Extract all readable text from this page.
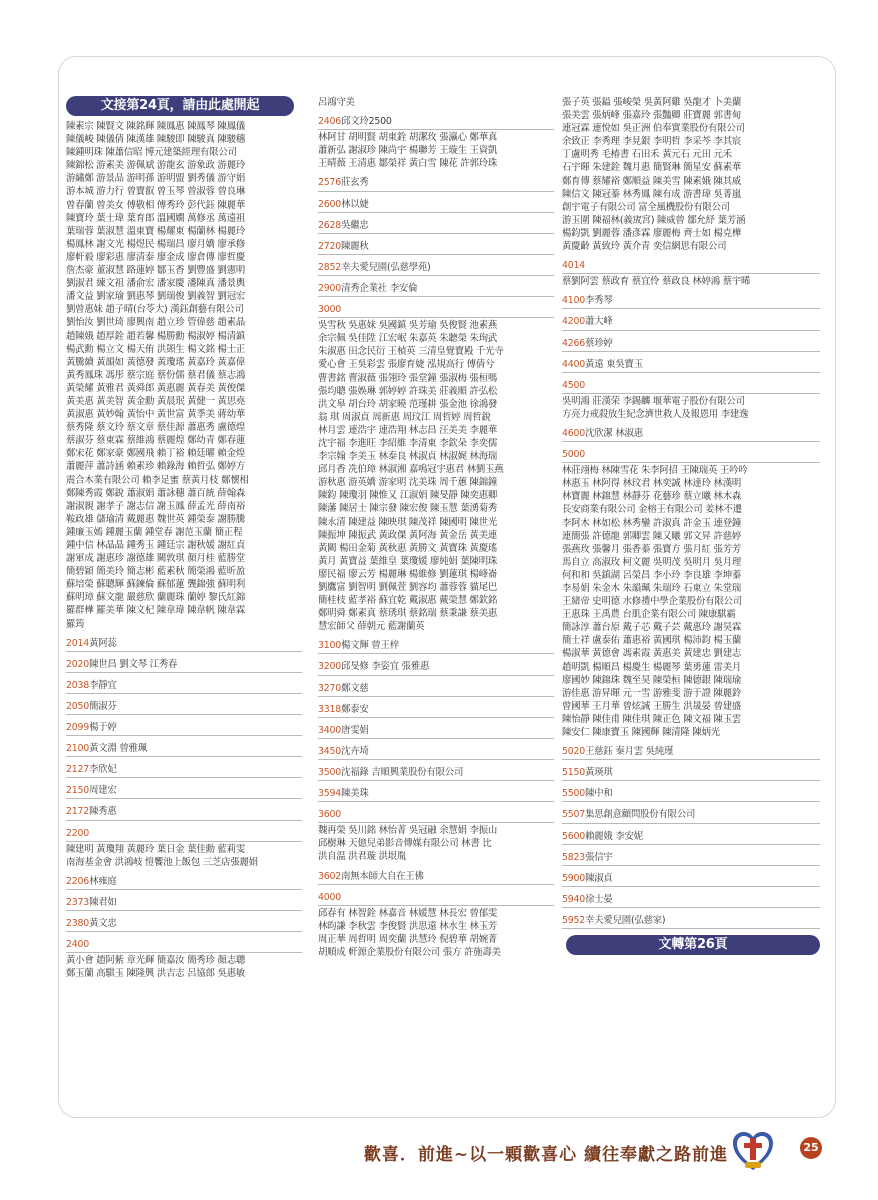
文接第24頁，請由此處開起
陳素宗 陳賢文 陳銘輝 陳鳳惠 陳鳳琴 陳鳳儀
陳儀峻 陳儀倩 陳漢雄 陳駿即 陳駿真 陳駿穗
陳鍾明珠 陳蕭信昭 博元建築經理有限公司
陳錦松 游素美 游佩斌 游龍玄 游象政 游麗玲
游繡鄭 游景品 游明孫 游明盟 劉秀儀 游守娟
游本城 游力行 曾寶叡 曾玉琴 曾淑蓉 曾良琳
曾春蘭 曾美女 傅敬相 傅秀玲 彭代鈺 陳麗華
陳寶玲 葉士瑋 葉育郎 溫國嫺 萬修丞 萬遠祖
葉瑞蓉 葉淑慧 溫東寶 楊耀東 楊蘭林 楊麗玲
楊鳳林 謝文光 楊煜民 楊瑞昌 廖月嬌 廖承修
廖軒毅 廖彩惠 廖清泰 廖金成 廖倉傳 廖哲慶
詹杰豪 董淑慧 路蓮婷 鄒玉香 劉豐盛 劉憲明
劉淑君 練文祖 潘俞宏 潘家慶 潘陳真 潘景輿
潘文益 劉家瑜 劉惠琴 劉瑞俊 劉義智 劉冠宏
劉曾惠妹 趙子晴(台苓大) 漢鈺創藝有限公司
劉怡汝 劉世琦 廖興南 趙立珍 管偉慈 趙素晶
趙陳娥 趙厚銓 趙若馨 楊勝勳 楊淑婷 楊清鎮
楊武勳 楊立文 楊天侑 洪顗生 楊文銘 楊士正
黃騰續 黃韻如 黃德發 黃瓊瑤 黃嘉玲 黃嘉偉
黃秀鳳珠 馮彤 蔡宗庭 蔡份儒 蔡君儀 蔡志鴻
黃榮耀 黃雅君 黃舜郎 黃惠麗 黃春美 黃俊傑
黃美惠 黃美智 黃金勳 黃晨珉 黃健一 黃思堯
黃淑惠 黃妙翰 黃怡中 黃世富 黃季美 蔣幼華
蔡秀隆 蔡文玲 蔡文章 蔡佳源 蕭惠秀 盧德煌
蔡淑芬 蔡東霖 蔡維鴻 蔡麗煌 鄭幼青 鄭春蓮
鄭宋花 鄭家豪 鄭國飛 賴丁裕 賴廷曜 賴金煌
蕭麗萍 蕭詩涵 賴素珍 賴錄海 賴哲弘 鄭婷方
震合木業有限公司 賴李足蜜 蔡黃月枝 鄭懷相
鄭陳秀霞 鄭銳 蕭淑娟 蕭詠穗 蕭百統 薛翰森
謝淑親 謝孝子 謝志信 謝玉鳳 薛孟光 薛南裕
鞍政雄 儲瑜清 戴麗惠 魏世英 鍾榮泰 謝勝騰
鍾廉玉嫣 鍾麗玉蘭 鍾堂春 謝范玉蘭 簡正程
鍾中信 林晶晶 鍾秀玉 鍾廷宗 謝秋媛 謝紅貞
謝軍成 謝惠珍 謝德雄 闕敦琪 顏月桂 藍勝堂
簡碧穎 簡美玲 簡志彬 藍素秋 簡榮鴻 藍昕盈
蘇培榮 蘇聰輝 蘇鍊倫 蘇郁蓮 龔錦強 蘇明利
蘇明璋 蘇文龍 嚴慈欣 蘭麗珠 蘭婷 黎氏紅錦
羅群樺 羅美華 陳文杞 陳韋瑋 陳韋帆 陳韋霖
羅筠
2014黃阿蕊
2020陳世昌 劉文琴 江秀春
2038李靜宜
2050簡淑芬
2099楊于婷
2100黃文淵 曾雅珮
2127李欣妃
2150周建宏
2172陳秀惠
2200
陳建明 黃瓊翔 黃麗玲 葉日金 葉佳勳 藍莉雯
南海基金會 洪鴻岐 愷饗池上飯包 三芝店張麗娟
2206林雍庭
2373陳君如
2380黃文忠
2400
黃小會 趙阿紫 章光輝 簡嘉汝 簡秀珍 顏志聰
鄭玉蘭 高騏玉 陳隆興 洪吉志 呂協郎 吳惠敏
呂鴻守美
2406邱文玲2500
林阿甘 胡明賢 胡東銓 胡潔玫 張瀛心 鄭華真
蕭新弘 謝淑珍 陳尚宇 楊聯芳 王璇生 王資凱
王晴薇 王清惠 鄒榮祥 黃白雪 陳花 許郭玲珠
2576莊玄秀
2600林以婕
2628吳繼忠
2720陳麗秋
2852幸夫愛兒園(弘慈學苑)
2900清秀企業社 李安倫
3000
吳雪秋 吳惠妹 吳國鎮 吳芳瑜 吳俊賢 池素燕
余宗佩 吳佳陞 江宏岷 朱嘉英 朱聽榮 朱珣武
朱淑惠 田念民衍 王楨英 三清皇覺寶殿 千光寺
愛心會 王吳彩雲 張廖育婕 泓規高行 傅倩兮
曹書銘 曹淑薇 張翎玲 張堂鐘 張淑梅 張桓嗎
張均聰 張娛琳 郭婷婷 許珠美 莊義順 許弘松
洪文皋 胡台玲 胡家曉 范瑾耕 張金池 徐鴻發
翁 琪 周淑貞 周新惠 周玟江 周哲婷 周哲銳
林月雲 連浩宇 連浩翔 林志昌 汪美美 李麗華
沈宇福 李進旺 李紹維 李清東 李欽朵 李奕儒
李宗翰 李美玉 林泰良 林淑貞 林淑娓 林海瑞
邱月香 冼伯璋 林淑湘 嘉鳴冠宇惠君 林劉玉燕
游秋惠 游英嬌 游家明 沈美珠 周千蕙 陳錦鐘
陳鈞 陳瓊羽 陳惟又 江淑娟 陳旻靜 陳奕惠卿
陳藩 陳居士 陳宗發 陳宏俊 陳玉慧 葉湧菊秀
陳永清 陳建益 陳映琪 陳茂祥 陳國明 陳世光
陳振坤 陳振武 黃政傑 黃阿海 黃金岳 黃美連
黃闕 楊田金菊 黃秋惠 黃勝文 黃寶珠 黃慶瑤
黃月 黃寶益 葉維皇 葉瓊媛 廖純娟 葉陳明珠
廖民福 廖云芳 楊麗琳 楊維修 劉蓮琪 楊峰崙
劉鷹富 劉智明 劉佩萱 劉容均 蕭蓉蓉 貓尾巴
簡桂枝 藍孝裕 蘇宜乾 戴淑惠 戴榮慧 鄭欽銘
鄭明舜 鄭素真 蔡琇琪 蔡銘瑞 蔡秉謙 蔡美惠
慧宏師父 薛朝元 藍謝蘭英
3100楊文輝 曾王梓
3200邱旻修 李姿宜 張雅惠
3270鄭文慈
3318鄭泰安
3400唐雯娟
3450沈卉埼
3500沈福錄 吉順興業股份有限公司
3594陳美珠
3600
魏再榮 吳川銘 林怡菁 吳冠融 余慧娟 李振山
邱樹琳 天億兒弟影音傳媒有限公司 林書 比
洪自温 洪君璇 洪垠胤
3602南無本師大自在王佛
4000
邱春有 林智銓 林嘉音 林媛慧 林長宏 曾郁雯
林昀謙 李秋雲 李俊賢 洪思遠 林水生 林玉芳
周正華 周哲明 周奕蘭 洪慧玲 倪碧華 胡婉菁
胡順成 軒源企業股份有限公司 張方 許施壽美
張子英 張鎰 張峻榮 吳黃阿雞 吳龍才 卜美蘭
張美雲 張炳峰 張嘉玲 張豔卿 莊寶麗 郭書甸
連冠霖 連悅如 吳正洲 伯奉實業股份有限公司
余致正 李秀理 李見銀 李明哲 李采芩 李其宸
丁盧明秀 毛椿書 石田禾 黃元石 元田 元禾
石宇暉 朱建銓 魏月惠 簡賢琳 簡星安 蘇素華
鄭育傳 蔡耀裕 鄭順益 陳美雪 陳素娥 陳其威
陳信文 陳冠蓁 林秀鳳 陳有成 游書瑋 吳菁嵐
創宇電子有限公司 富全風機股份有限公司
游玉圍 陳福林(義宬宮) 陳威曾 鄒允紓 葉芳涵
楊鈞凱 劉麗蓉 潘彥霖 廖麗梅 齊士如 楊克樺
黃慶齡 黃致玲 黃介青 奕信網思有限公司
4014
蔡劉阿雲 蔡政育 蔡宜伶 蔡政良 林婷鴻 蔡宇晞
4100李秀琴
4200蕭大峰
4266蔡珍婷
4400黃遠 東吳寶玉
4500
吳明鴻 莊漢荣 李錫麟 堰華電子股份有限公司
方亮力戒殺放生紀念濟世救人及報恩用 李建逸
4600沈欣潔 林淑惠
5000
林莊翊梅 林陳雪花 朱李阿招 王陳瑞英 王吟吟
林惠玉 林阿得 林玟君 林奕誠 林達玲 林漢明
林寶麗 林錦慧 林靜芬 花藝珍 蔡立曦 林木森
長安商業有限公司 金榕王有限公司 姜林不遷
李阿木 林如松 林秀鑾 許淑真 許金玉 連登鐘
連簡張 許德龍 郭卿雲 陳又曦 郭文昇 許慈婷
張燕玫 張馨月 張香蓁 張寶方 張月紅 張芳芳
馬自立 高淑玫 柯文麗 吳明茂 吳明月 吳月理
何和和 吳鎮湖 呂榮昌 李小玲 李良雄 李坤蓁
李易娟 朱金木 朱韻珮 朱瑞玲 石東立 朱堂瑞
王緒帝 史明德 水修禮中學企業股份有限公司
王惠珠 王禹農 台肌企業有限公司 陳康騏霸
簡詠淳 蕭台原 戴子芯 戴子芸 戴惠玲 謝昊霖
簡士祥 盧泰佑 蕭惠裕 黃國琪 楊沛鈞 楊玉蘭
楊淑華 黃德會 馮素霞 黃惠美 黃建忠 劉建志
趙明凱 楊順昌 楊慶生 楊麗琴 葉勇蓮 雷美月
廖國妙 陳錦珠 魏至昊 陳榮桓 陳德銀 陳瑞瑜
游佳惠 游昇暉 元一雪 游雅斐 游于證 陳麗鈴
曾國華 王月華 曾炫誠 王勝生 洪晟晏 曾建盛
陳怡靜 陳佳甫 陳佳琪 陳正色 陳文福 陳玉雲
陳安仁 陳康寶玉 陳國輝 陳清隆 陳炳光
5020王慈鈺 秦月雲 吳純瑾
5150黃瑛琪
5500陳中和
5507集思創意顧問股份有限公司
5600賴麗娥 李安妮
5823張信宇
5900陳淑貞
5940徐士晏
5952幸夫愛兒園(弘慈家)
文轉第26頁
歡喜．前進~以一顆歡喜心 續往奉獻之路前進	25
